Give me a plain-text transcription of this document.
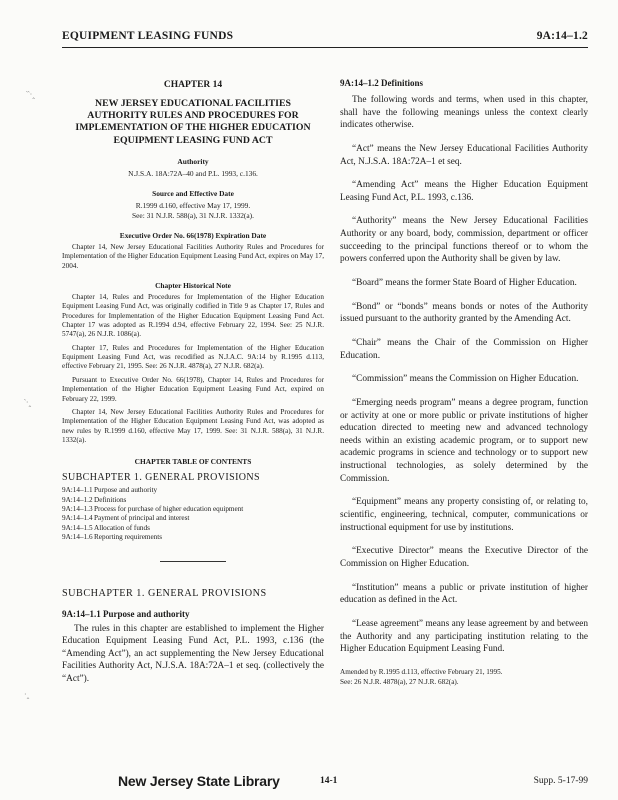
EQUIPMENT LEASING FUNDS	9A:14–1.2
‵‵·‸
‵·‸
·‸
CHAPTER 14
NEW JERSEY EDUCATIONAL FACILITIES AUTHORITY RULES AND PROCEDURES FOR IMPLEMENTATION OF THE HIGHER EDUCATION EQUIPMENT LEASING FUND ACT
Authority
N.J.S.A. 18A:72A–40 and P.L. 1993, c.136.
Source and Effective Date
R.1999 d.160, effective May 17, 1999.
See: 31 N.J.R. 588(a), 31 N.J.R. 1332(a).
Executive Order No. 66(1978) Expiration Date

Chapter 14, New Jersey Educational Facilities Authority Rules and Procedures for Implementation of the Higher Education Equipment Leasing Fund Act, expires on May 17, 2004.

Chapter Historical Note

Chapter 14, Rules and Procedures for Implementation of the Higher Education Equipment Leasing Fund Act, was originally codified in Title 9 as Chapter 17, Rules and Procedures for Implementation of the Higher Education Equipment Leasing Fund Act. Chapter 17 was adopted as R.1994 d.94, effective February 22, 1994. See: 25 N.J.R. 5747(a), 26 N.J.R. 1086(a).

Chapter 17, Rules and Procedures for Implementation of the Higher Education Equipment Leasing Fund Act, was recodified as N.J.A.C. 9A:14 by R.1995 d.113, effective February 21, 1995. See: 26 N.J.R. 4878(a), 27 N.J.R. 682(a).

Pursuant to Executive Order No. 66(1978), Chapter 14, Rules and Procedures for Implementation of the Higher Education Equipment Leasing Fund Act, expired on February 22, 1999.

Chapter 14, New Jersey Educational Facilities Authority Rules and Procedures for Implementation of the Higher Education Equipment Leasing Fund Act, was adopted as new rules by R.1999 d.160, effective May 17, 1999. See: 31 N.J.R. 588(a), 31 N.J.R. 1332(a).

CHAPTER TABLE OF CONTENTS
SUBCHAPTER 1. GENERAL PROVISIONS
9A:14–1.1 Purpose and authority
9A:14–1.2 Definitions
9A:14–1.3 Process for purchase of higher education equipment
9A:14–1.4 Payment of principal and interest
9A:14–1.5 Allocation of funds
9A:14–1.6 Reporting requirements
SUBCHAPTER 1. GENERAL PROVISIONS
9A:14–1.1 Purpose and authority

The rules in this chapter are established to implement the Higher Education Equipment Leasing Fund Act, P.L. 1993, c.136 (the “Amending Act”), an act supplementing the New Jersey Educational Facilities Authority Act, N.J.S.A. 18A:72A–1 et seq. (collectively the “Act”).

9A:14–1.2 Definitions

The following words and terms, when used in this chapter, shall have the following meanings unless the context clearly indicates otherwise.

“Act” means the New Jersey Educational Facilities Authority Act, N.J.S.A. 18A:72A–1 et seq.

“Amending Act” means the Higher Education Equipment Leasing Fund Act, P.L. 1993, c.136.

“Authority” means the New Jersey Educational Facilities Authority or any board, body, commission, department or officer succeeding to the principal functions thereof or to whom the powers conferred upon the Authority shall be given by law.

“Board” means the former State Board of Higher Education.

“Bond” or “bonds” means bonds or notes of the Authority issued pursuant to the authority granted by the Amending Act.

“Chair” means the Chair of the Commission on Higher Education.

“Commission” means the Commission on Higher Education.

“Emerging needs program” means a degree program, function or activity at one or more public or private institutions of higher education directed to meeting new and advanced technology needs within an existing academic program, or to support new academic programs in science and technology or to support new instructional technologies, as solely determined by the Commission.

“Equipment” means any property consisting of, or relating to, scientific, engineering, technical, computer, communications or instructional equipment for use by institutions.

“Executive Director” means the Executive Director of the Commission on Higher Education.

“Institution” means a public or private institution of higher education as defined in the Act.

“Lease agreement” means any lease agreement by and between the Authority and any participating institution relating to the Higher Education Equipment Leasing Fund.

Amended by R.1995 d.113, effective February 21, 1995.
See: 26 N.J.R. 4878(a), 27 N.J.R. 682(a).
New Jersey State Library	14-1	Supp. 5-17-99
